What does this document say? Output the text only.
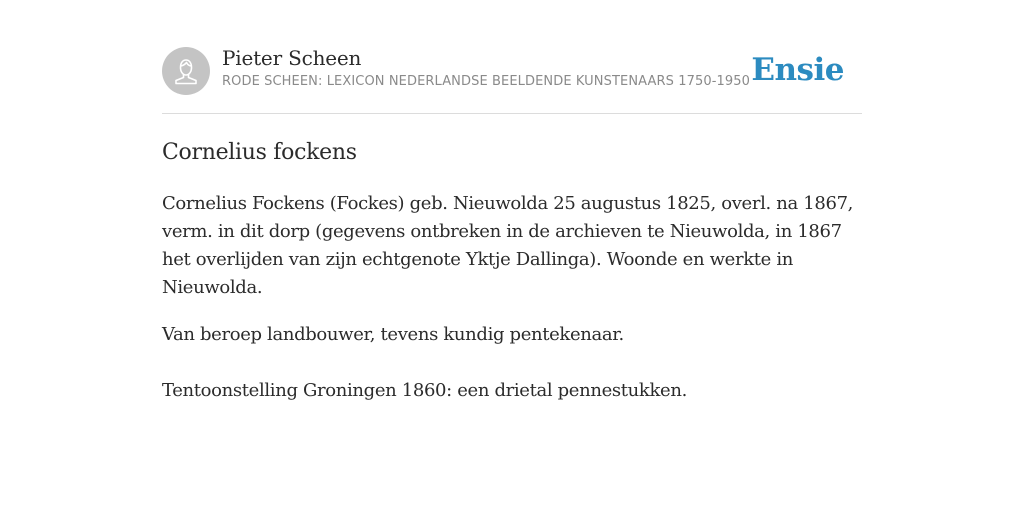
Pieter Scheen
RODE SCHEEN: LEXICON NEDERLANDSE BEELDENDE KUNSTENAARS 1750-1950 Ensie
Cornelius fockens

Cornelius Fockens (Fockes) geb. Nieuwolda 25 augustus 1825, overl. na 1867, verm. in dit dorp (gegevens ontbreken in de archieven te Nieuwolda, in 1867 het overlijden van zijn echtgenote Yktje Dallinga). Woonde en werkte in Nieuwolda.

Van beroep landbouwer, tevens kundig pentekenaar.

Tentoonstelling Groningen 1860: een drietal pennestukken.
